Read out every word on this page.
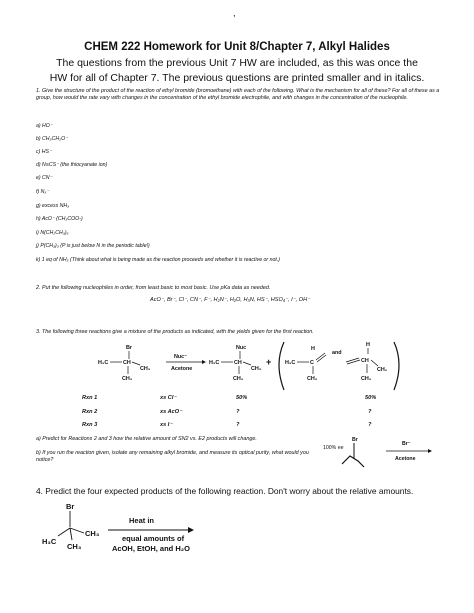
,
CHEM 222 Homework for Unit 8/Chapter 7, Alkyl Halides
The questions from the previous Unit 7 HW are included, as this was once the HW for all of Chapter 7. The previous questions are printed smaller and in italics.
1. Give the structure of the product of the reaction of ethyl bromide (bromoethane) with each of the following. What is the mechanism for all of these? For all of these as a group, how would the rate vary with changes in the concentration of the ethyl bromide electrophile, and with changes in the concentration of the nucleophile.
a) HO⁻
b) CH₃CH₂O⁻
c) HS⁻
d) N≡CS⁻ (the thiocyanate ion)
e) CN⁻
f) N₃⁻
g) excess NH₃
h) AcO⁻ (CH₃COO-)
i) N(CH₂CH₃)₃
j) P(CH₃)₃ (P is just below N in the periodic table!)
k) 1 eq of NH₃ (Think about what is being made as the reaction proceeds and whether it is reactive or not.)
2. Put the following nucleophiles in order, from least basic to most basic. Use pKa data as needed.
AcO⁻, Br⁻, Cl⁻, CN⁻, F⁻, H₂N⁻, H₂O, H₃N, HS⁻, HSO₄⁻, I⁻, OH⁻
3. The following three reactions give a mixture of the products as indicated, with the yields given for the first reaction.
Br
H₃C	CH
CH₃
CH₃
Nuc⁻
Acetone
Nuc
H₃C	CH
CH₃
CH₃
+
H
H₃C	C
CH₃
and
H
CH
CH₂
CH₃
Rxn 1	xs Cl⁻	50%	50%
Rxn 2	xs AcO⁻	?	?
Rxn 3	xs I⁻	?	?
a) Predict for Reactions 2 and 3 how the relative amount of SN2 vs. E2 products will change.
b) If you run the reaction given, isolate any remaining alkyl bromide, and measure its optical purity, what would you notice?
Br
100% ee
Br⁻
Acetone
4. Predict the four expected products of the following reaction. Don't worry about the relative amounts.
Br
CH₃
H₃C
CH₃
Heat in
equal amounts of
AcOH, EtOH, and H₂O
